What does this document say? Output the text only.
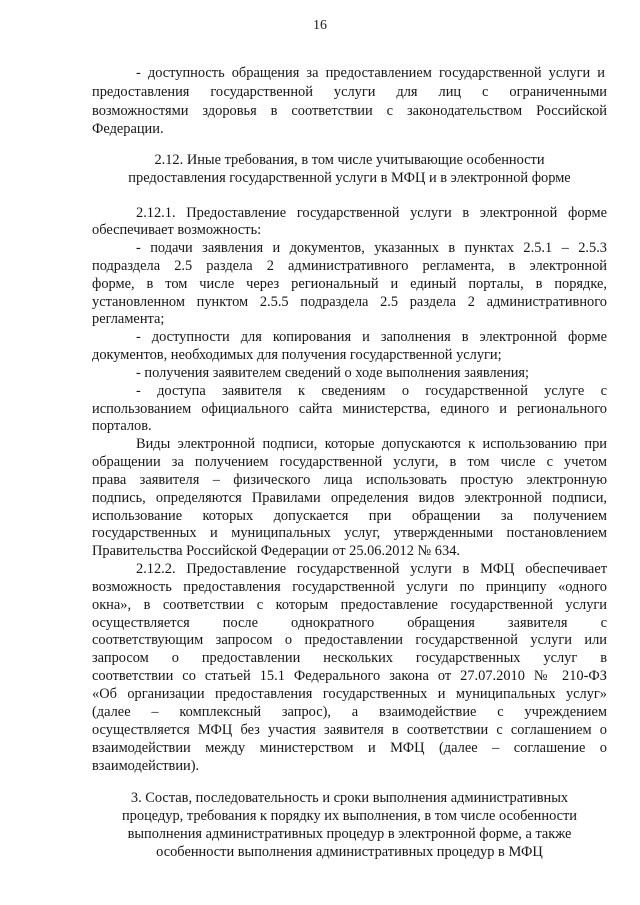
16
- доступность обращения за предоставлением государственной услуги и
предоставления государственной услуги для лиц с ограниченными
возможностями здоровья в соответствии с законодательством Российской
Федерации.
2.12. Иные требования, в том числе учитывающие особенности
предоставления государственной услуги в МФЦ и в электронной форме
2.12.1. Предоставление государственной услуги в электронной форме
обеспечивает возможность:
- подачи заявления и документов, указанных в пунктах 2.5.1 – 2.5.3
подраздела 2.5 раздела 2 административного регламента, в электронной
форме, в том числе через региональный и единый порталы, в порядке,
установленном пунктом 2.5.5 подраздела 2.5 раздела 2 административного
регламента;
- доступности для копирования и заполнения в электронной форме
документов, необходимых для получения государственной услуги;
- получения заявителем сведений о ходе выполнения заявления;
- доступа заявителя к сведениям о государственной услуге с
использованием официального сайта министерства, единого и регионального
порталов.
Виды электронной подписи, которые допускаются к использованию при
обращении за получением государственной услуги, в том числе с учетом
права заявителя – физического лица использовать простую электронную
подпись, определяются Правилами определения видов электронной подписи,
использование которых допускается при обращении за получением
государственных и муниципальных услуг, утвержденными постановлением
Правительства Российской Федерации от 25.06.2012 № 634.
2.12.2. Предоставление государственной услуги в МФЦ обеспечивает
возможность предоставления государственной услуги по принципу «одного
окна», в соответствии с которым предоставление государственной услуги
осуществляется после однократного обращения заявителя с
соответствующим запросом о предоставлении государственной услуги или
запросом о предоставлении нескольких государственных услуг в
соответствии со статьей 15.1 Федерального закона от 27.07.2010 № 210-ФЗ
«Об организации предоставления государственных и муниципальных услуг»
(далее – комплексный запрос), а взаимодействие с учреждением
осуществляется МФЦ без участия заявителя в соответствии с соглашением о
взаимодействии между министерством и МФЦ (далее – соглашение о
взаимодействии).
3. Состав, последовательность и сроки выполнения административных
процедур, требования к порядку их выполнения, в том числе особенности
выполнения административных процедур в электронной форме, а также
особенности выполнения административных процедур в МФЦ
